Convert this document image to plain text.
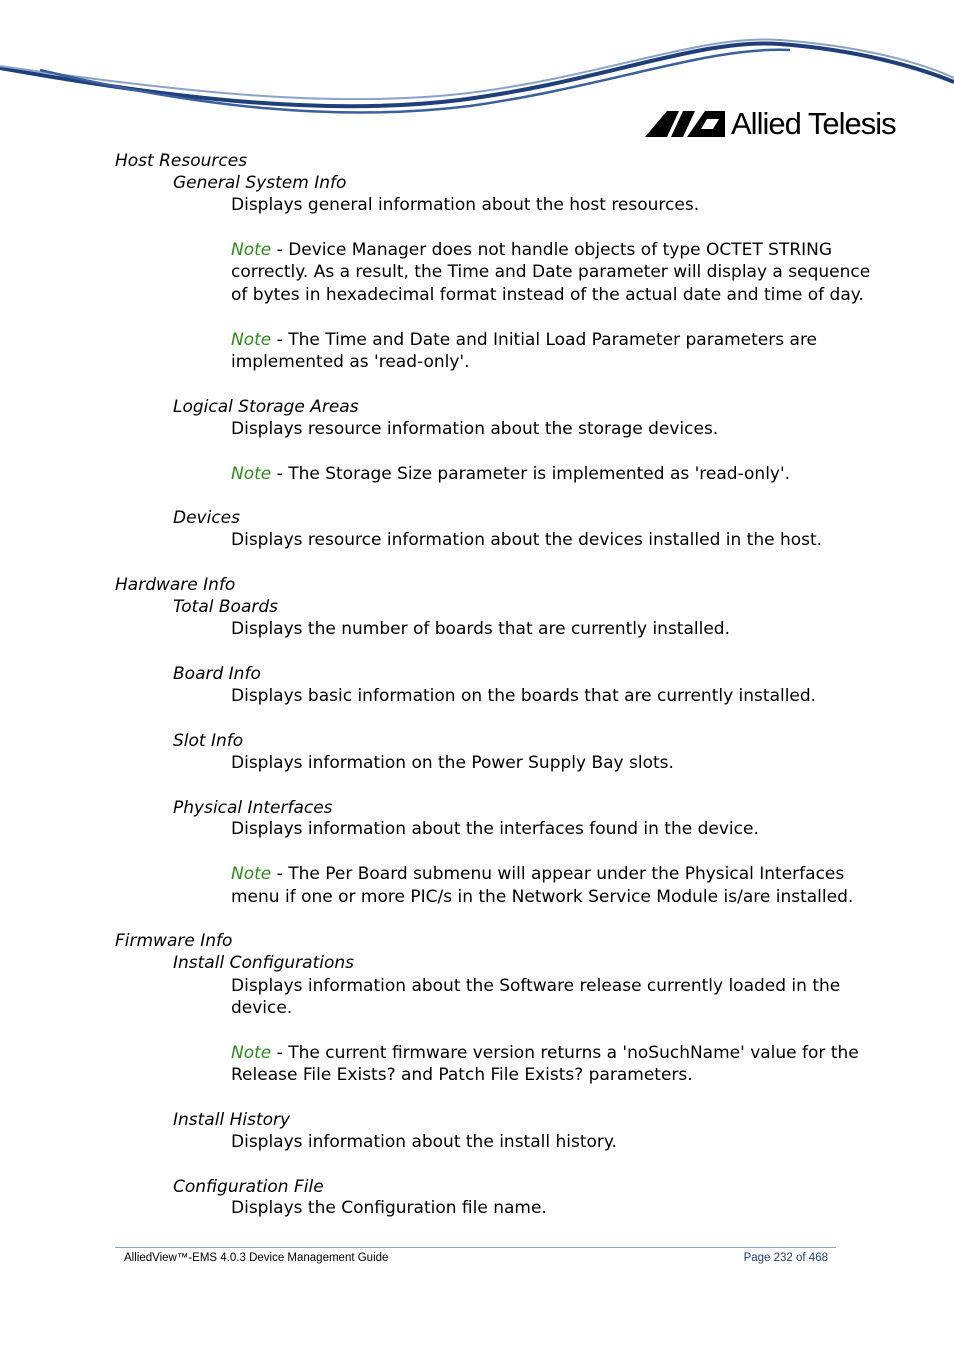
Allied Telesis
Host Resources
General System Info
Displays general information about the host resources.
Note - Device Manager does not handle objects of type OCTET STRING
correctly. As a result, the Time and Date parameter will display a sequence
of bytes in hexadecimal format instead of the actual date and time of day.
Note - The Time and Date and Initial Load Parameter parameters are
implemented as 'read-only'.
Logical Storage Areas
Displays resource information about the storage devices.
Note - The Storage Size parameter is implemented as 'read-only'.
Devices
Displays resource information about the devices installed in the host.
Hardware Info
Total Boards
Displays the number of boards that are currently installed.
Board Info
Displays basic information on the boards that are currently installed.
Slot Info
Displays information on the Power Supply Bay slots.
Physical Interfaces
Displays information about the interfaces found in the device.
Note - The Per Board submenu will appear under the Physical Interfaces
menu if one or more PIC/s in the Network Service Module is/are installed.
Firmware Info
Install Configurations
Displays information about the Software release currently loaded in the
device.
Note - The current firmware version returns a 'noSuchName' value for the
Release File Exists? and Patch File Exists? parameters.
Install History
Displays information about the install history.
Configuration File
Displays the Configuration file name.
AlliedView™-EMS 4.0.3 Device Management Guide	Page 232 of 468
